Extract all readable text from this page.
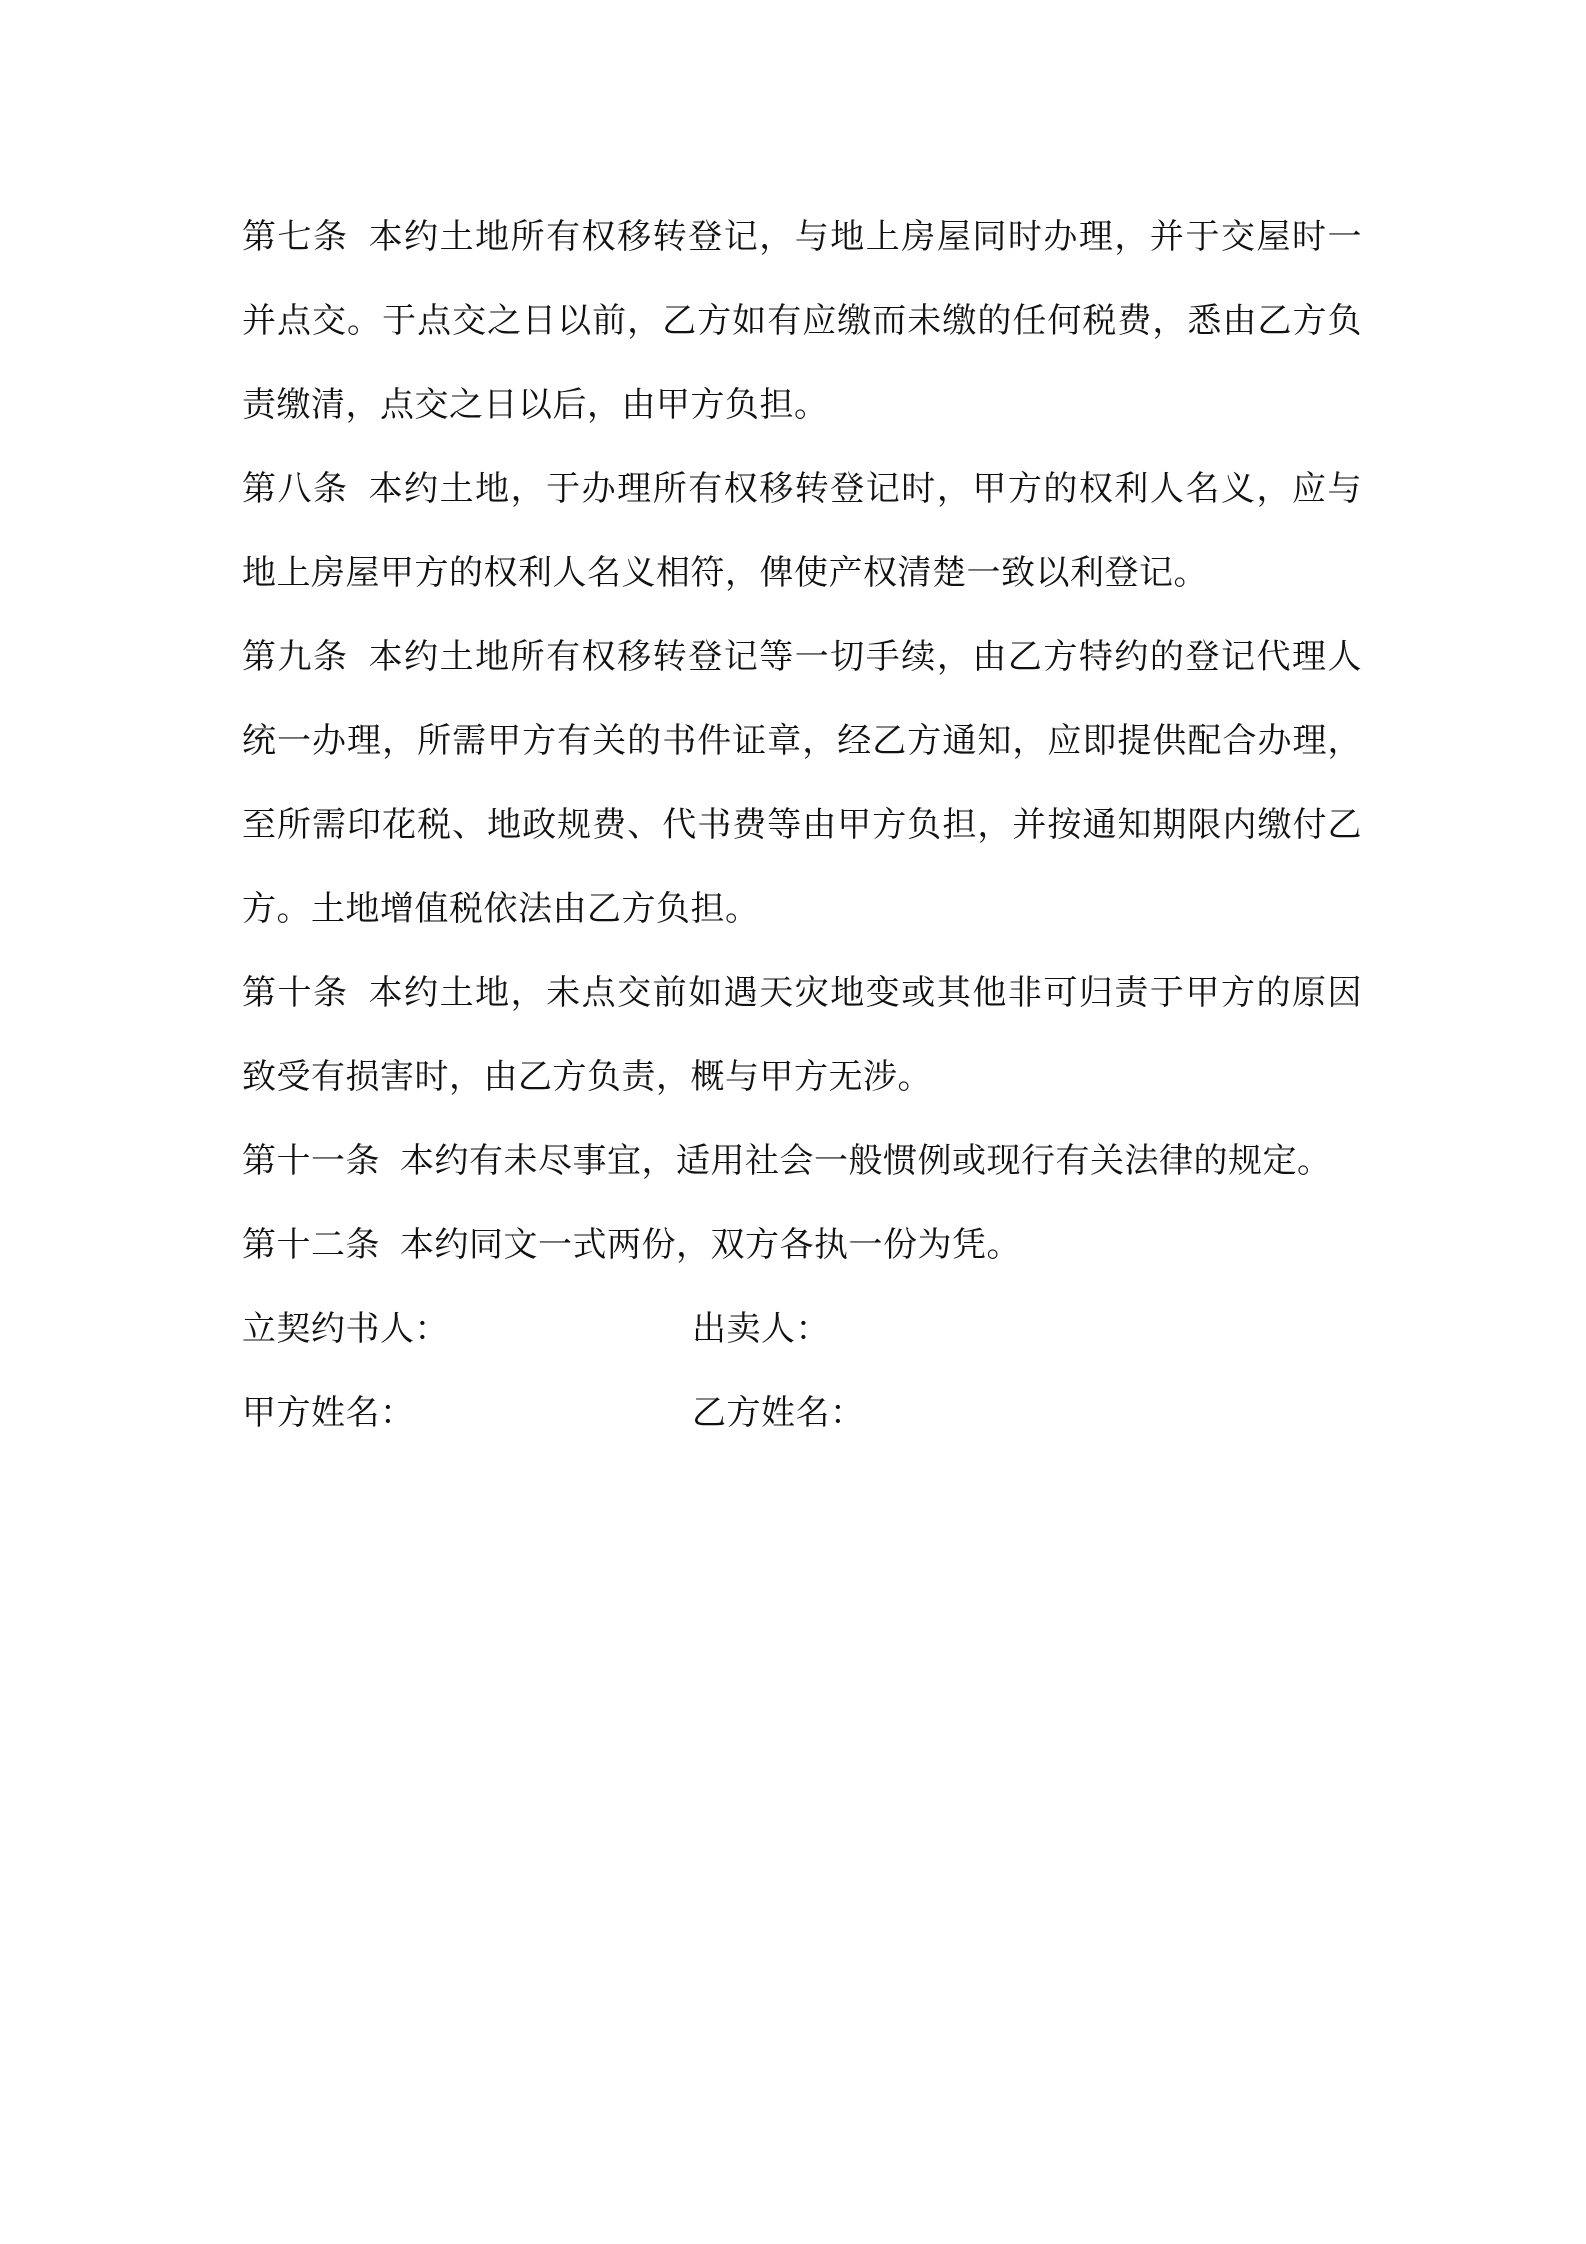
第七条 本约土地所有权移转登记，与地上房屋同时办理，并于交屋时一并点交。于点交之日以前，乙方如有应缴而未缴的任何税费，悉由乙方负责缴清，点交之日以后，由甲方负担。

第八条 本约土地，于办理所有权移转登记时，甲方的权利人名义，应与地上房屋甲方的权利人名义相符，俾使产权清楚一致以利登记。

第九条 本约土地所有权移转登记等一切手续，由乙方特约的登记代理人统一办理，所需甲方有关的书件证章，经乙方通知，应即提供配合办理，至所需印花税、地政规费、代书费等由甲方负担，并按通知期限内缴付乙方。土地增值税依法由乙方负担。

第十条 本约土地，未点交前如遇天灾地变或其他非可归责于甲方的原因致受有损害时，由乙方负责，概与甲方无涉。

第十一条 本约有未尽事宜，适用社会一般惯例或现行有关法律的规定。

第十二条 本约同文一式两份，双方各执一份为凭。

立契约书人：	出卖人：
甲方姓名：	乙方姓名：
